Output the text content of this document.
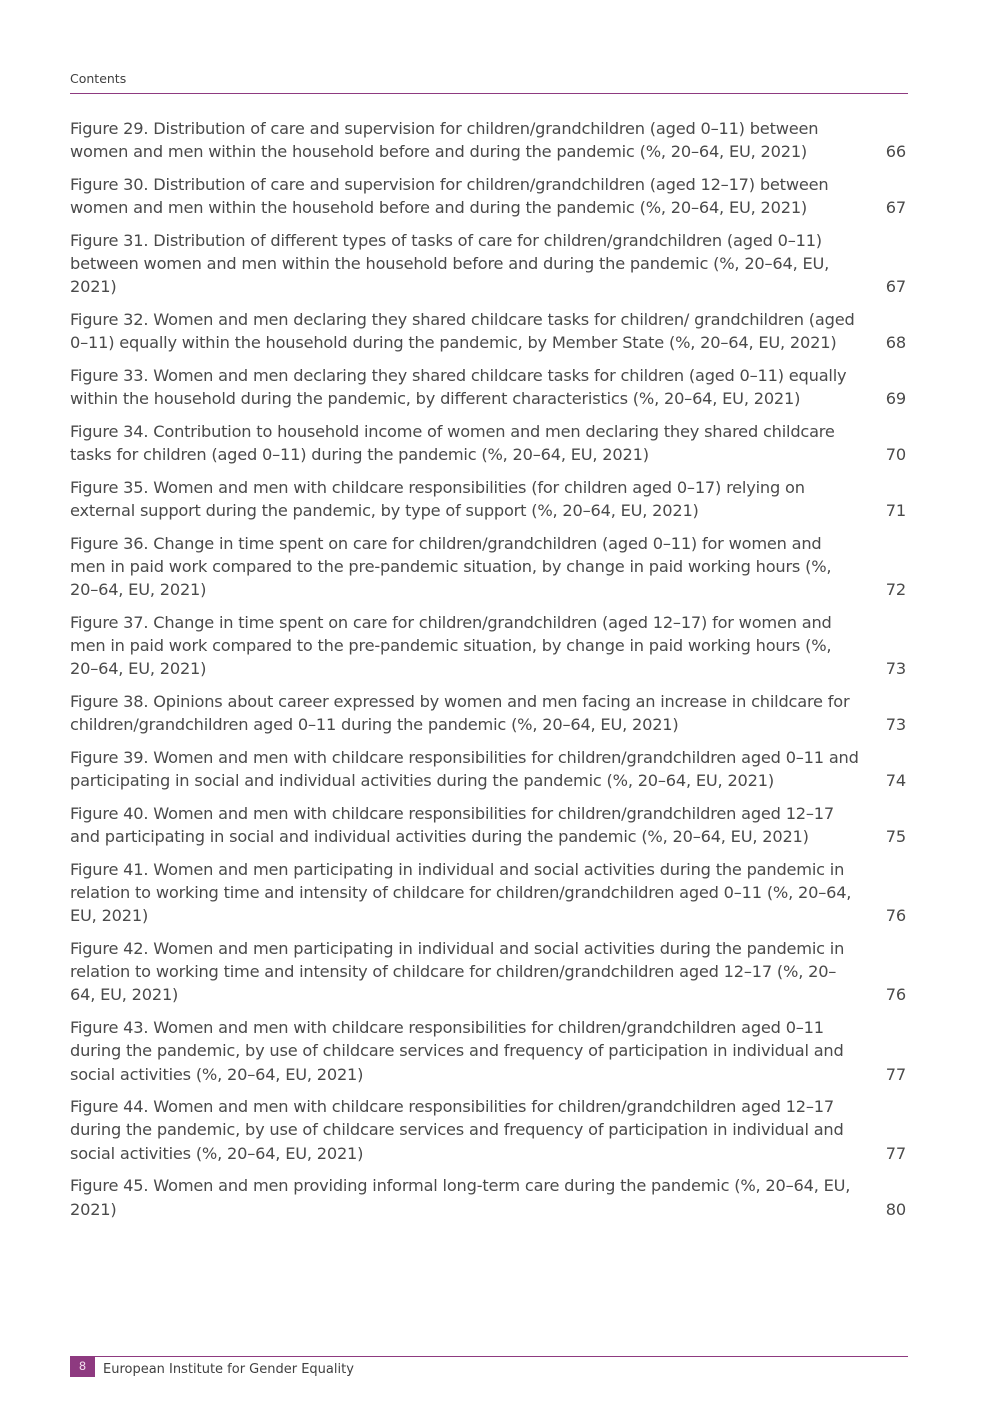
Contents
Figure 29. Distribution of care and supervision for children/grandchildren (aged 0–11) between women and men within the household before and during the pandemic (%, 20–64, EU, 2021)	66
Figure 30. Distribution of care and supervision for children/grandchildren (aged 12–17) between women and men within the household before and during the pandemic (%, 20–64, EU, 2021)	67
Figure 31. Distribution of different types of tasks of care for children/grandchildren (aged 0–11) between women and men within the household before and during the pandemic (%, 20–64, EU, 2021)	67
Figure 32. Women and men declaring they shared childcare tasks for children/ grandchildren (aged 0–11) equally within the household during the pandemic, by Member State (%, 20–64, EU, 2021)	68
Figure 33. Women and men declaring they shared childcare tasks for children (aged 0–11) equally within the household during the pandemic, by different characteristics (%, 20–64, EU, 2021)	69
Figure 34. Contribution to household income of women and men declaring they shared childcare tasks for children (aged 0–11) during the pandemic (%, 20–64, EU, 2021)	70
Figure 35. Women and men with childcare responsibilities (for children aged 0–17) relying on external support during the pandemic, by type of support (%, 20–64, EU, 2021)	71
Figure 36. Change in time spent on care for children/grandchildren (aged 0–11) for women and men in paid work compared to the pre-pandemic situation, by change in paid working hours (%, 20–64, EU, 2021)	72
Figure 37. Change in time spent on care for children/grandchildren (aged 12–17) for women and men in paid work compared to the pre-pandemic situation, by change in paid working hours (%, 20–64, EU, 2021)	73
Figure 38. Opinions about career expressed by women and men facing an increase in childcare for children/grandchildren aged 0–11 during the pandemic (%, 20–64, EU, 2021)	73
Figure 39. Women and men with childcare responsibilities for children/grandchildren aged 0–11 and participating in social and individual activities during the pandemic (%, 20–64, EU, 2021)	74
Figure 40. Women and men with childcare responsibilities for children/grandchildren aged 12–17 and participating in social and individual activities during the pandemic (%, 20–64, EU, 2021)	75
Figure 41. Women and men participating in individual and social activities during the pandemic in relation to working time and intensity of childcare for children/grandchildren aged 0–11 (%, 20–64, EU, 2021)	76
Figure 42. Women and men participating in individual and social activities during the pandemic in relation to working time and intensity of childcare for children/grandchildren aged 12–17 (%, 20–64, EU, 2021)	76
Figure 43. Women and men with childcare responsibilities for children/grandchildren aged 0–11 during the pandemic, by use of childcare services and frequency of participation in individual and social activities (%, 20–64, EU, 2021)	77
Figure 44. Women and men with childcare responsibilities for children/grandchildren aged 12–17 during the pandemic, by use of childcare services and frequency of participation in individual and social activities (%, 20–64, EU, 2021)	77
Figure 45. Women and men providing informal long-term care during the pandemic (%, 20–64, EU, 2021)	80
8	European Institute for Gender Equality
